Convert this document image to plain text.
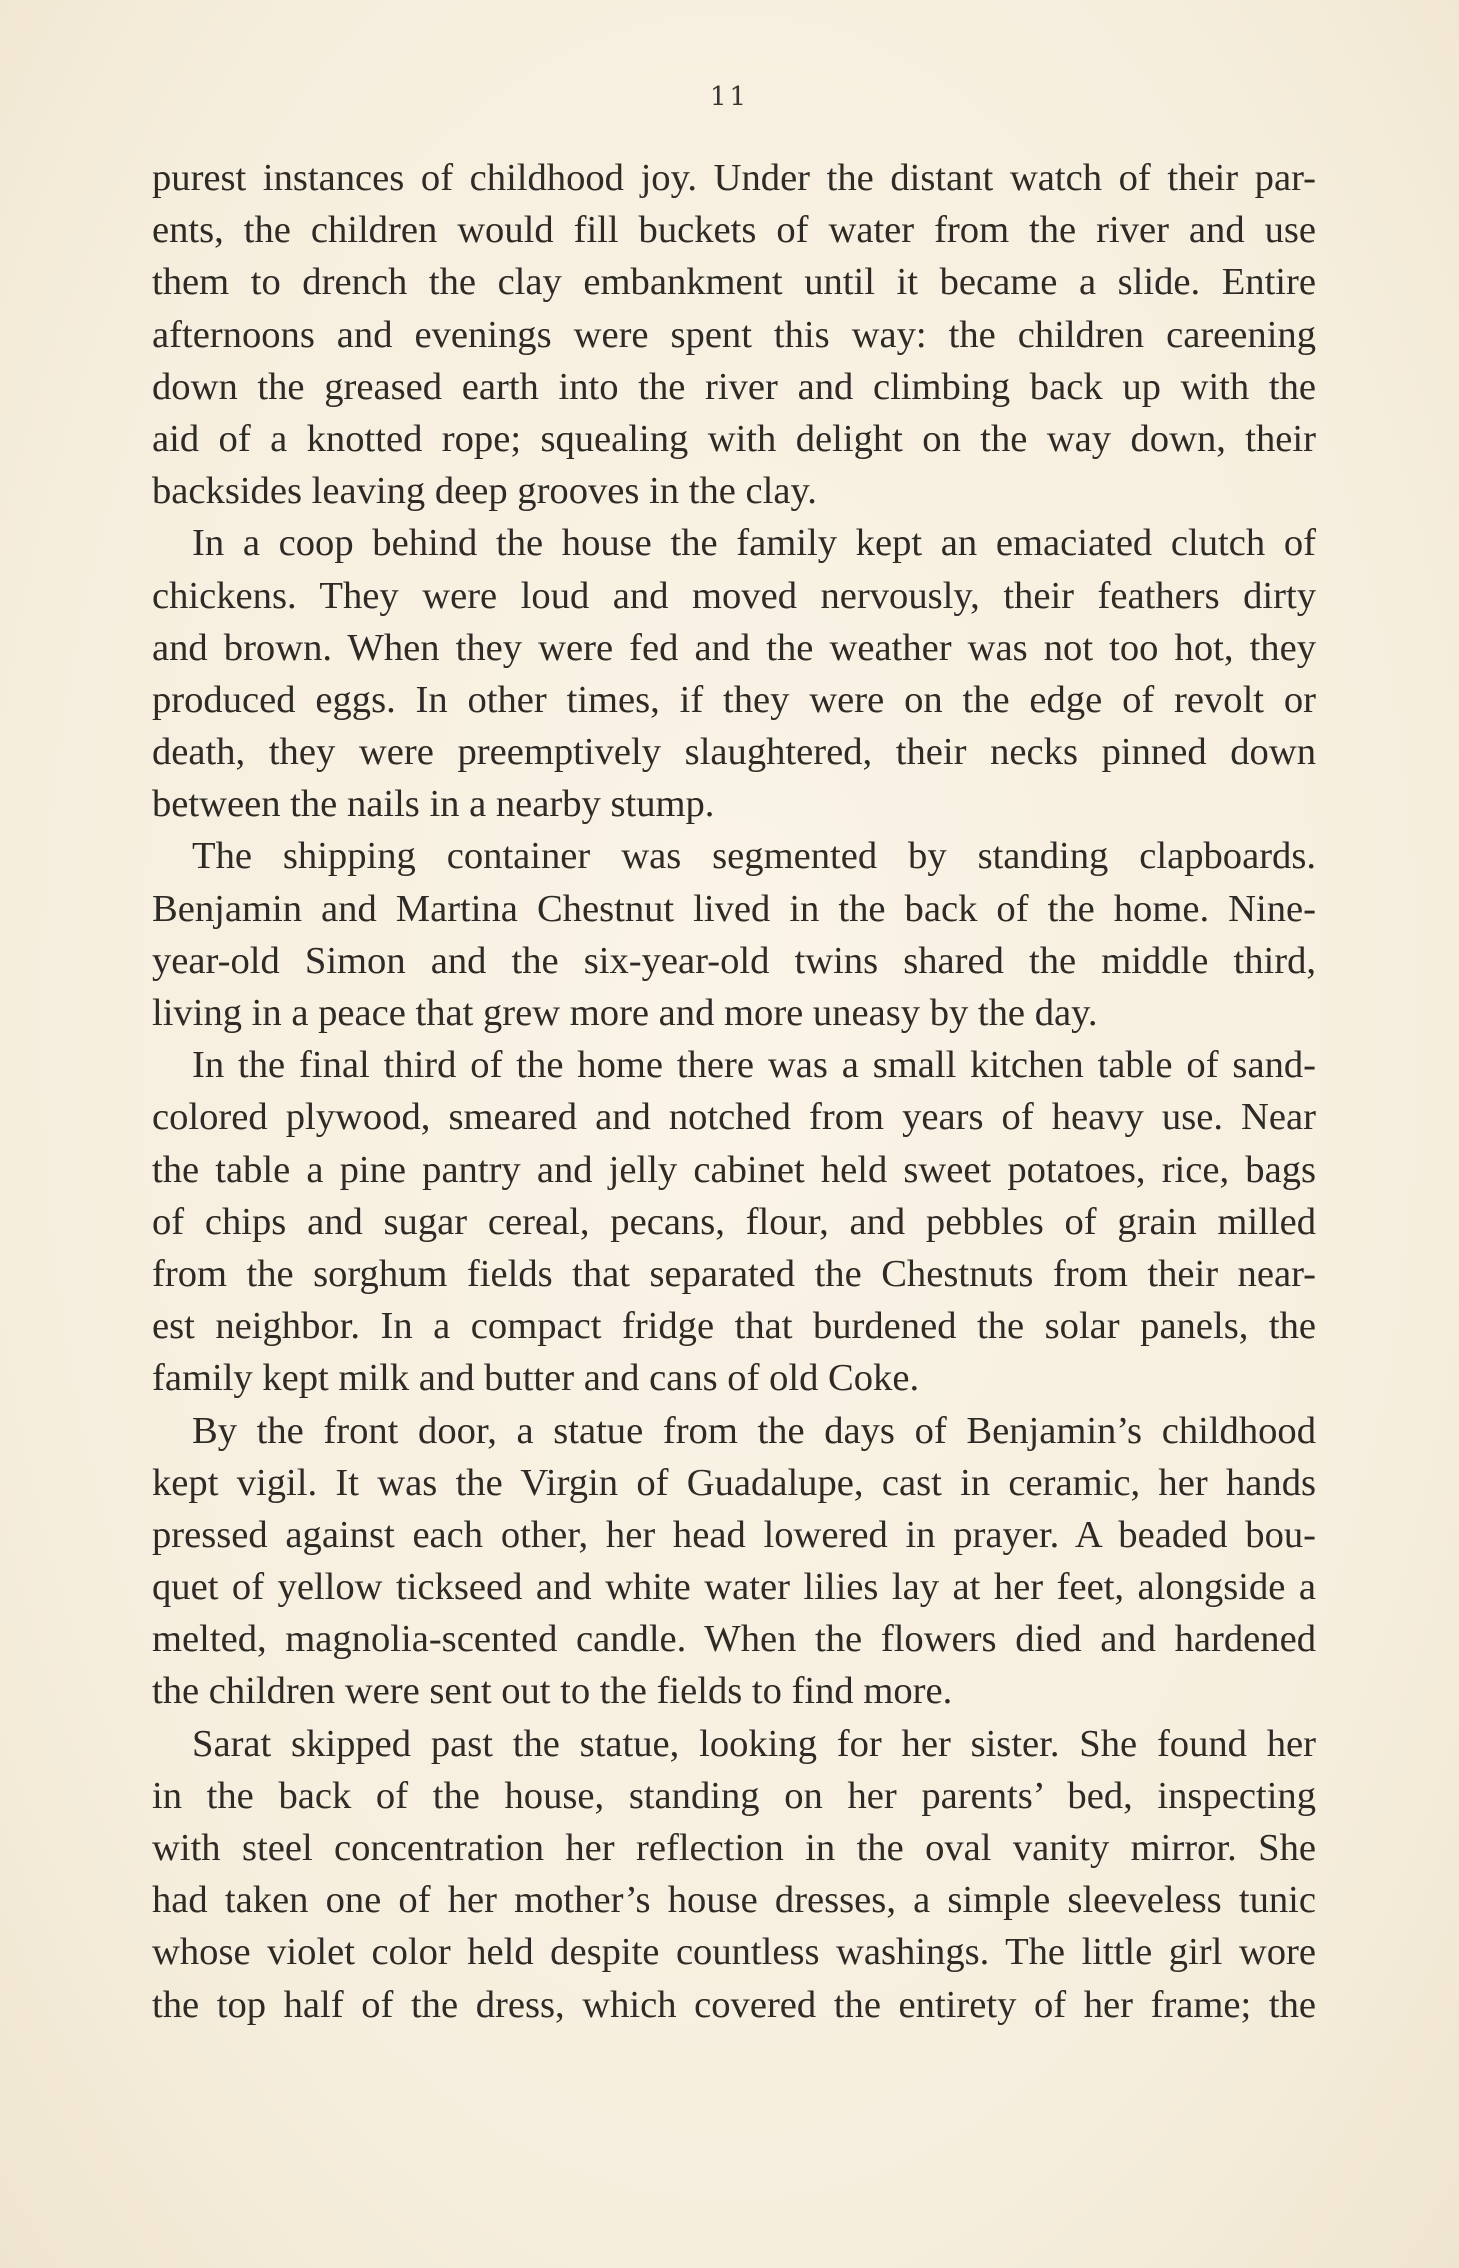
11
purest instances of childhood joy. Under the distant watch of their par-
ents, the children would fill buckets of water from the river and use
them to drench the clay embankment until it became a slide. Entire
afternoons and evenings were spent this way: the children careening
down the greased earth into the river and climbing back up with the
aid of a knotted rope; squealing with delight on the way down, their
backsides leaving deep grooves in the clay.
In a coop behind the house the family kept an emaciated clutch of
chickens. They were loud and moved nervously, their feathers dirty
and brown. When they were fed and the weather was not too hot, they
produced eggs. In other times, if they were on the edge of revolt or
death, they were preemptively slaughtered, their necks pinned down
between the nails in a nearby stump.
The shipping container was segmented by standing clapboards.
Benjamin and Martina Chestnut lived in the back of the home. Nine-
year-old Simon and the six-year-old twins shared the middle third,
living in a peace that grew more and more uneasy by the day.
In the final third of the home there was a small kitchen table of sand-
colored plywood, smeared and notched from years of heavy use. Near
the table a pine pantry and jelly cabinet held sweet potatoes, rice, bags
of chips and sugar cereal, pecans, flour, and pebbles of grain milled
from the sorghum fields that separated the Chestnuts from their near-
est neighbor. In a compact fridge that burdened the solar panels, the
family kept milk and butter and cans of old Coke.
By the front door, a statue from the days of Benjamin’s childhood
kept vigil. It was the Virgin of Guadalupe, cast in ceramic, her hands
pressed against each other, her head lowered in prayer. A beaded bou-
quet of yellow tickseed and white water lilies lay at her feet, alongside a
melted, magnolia-scented candle. When the flowers died and hardened
the children were sent out to the fields to find more.
Sarat skipped past the statue, looking for her sister. She found her
in the back of the house, standing on her parents’ bed, inspecting
with steel concentration her reflection in the oval vanity mirror. She
had taken one of her mother’s house dresses, a simple sleeveless tunic
whose violet color held despite countless washings. The little girl wore
the top half of the dress, which covered the entirety of her frame; the
